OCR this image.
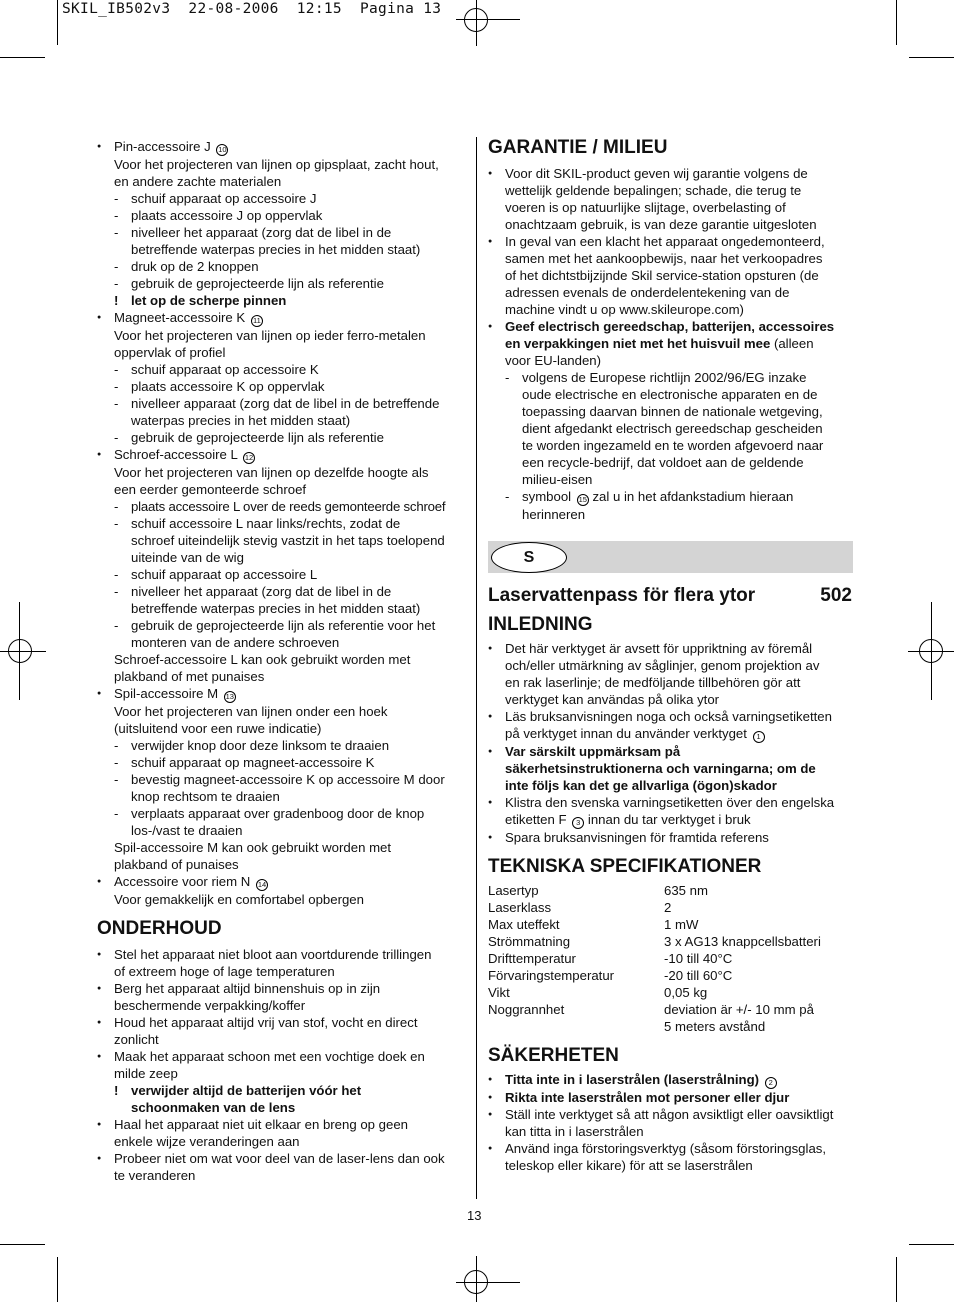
SKIL_IB502v3  22-08-2006  12:15  Pagina 13

● Pin-accessoire J 10

Voor het projecteren van lijnen op gipsplaat, zacht hout,

en andere zachte materialen

- schuif apparaat op accessoire J

- plaats accessoire J op oppervlak

- nivelleer het apparaat (zorg dat de libel in de

betreffende waterpas precies in het midden staat)

- druk op de 2 knoppen

- gebruik de geprojecteerde lijn als referentie

! let op de scherpe pinnen

● Magneet-accessoire K 11

Voor het projecteren van lijnen op ieder ferro-metalen

oppervlak of profiel

- schuif apparaat op accessoire K

- plaats accessoire K op oppervlak

- nivelleer apparaat (zorg dat de libel in de betreffende

waterpas precies in het midden staat)

- gebruik de geprojecteerde lijn als referentie

● Schroef-accessoire L 12

Voor het projecteren van lijnen op dezelfde hoogte als

een eerder gemonteerde schroef

- plaats accessoire L over de reeds gemonteerde schroef

- schuif accessoire L naar links/rechts, zodat de

schroef uiteindelijk stevig vastzit in het taps toelopend

uiteinde van de wig

- schuif apparaat op accessoire L

- nivelleer het apparaat (zorg dat de libel in de

betreffende waterpas precies in het midden staat)

- gebruik de geprojecteerde lijn als referentie voor het

monteren van de andere schroeven

Schroef-accessoire L kan ook gebruikt worden met

plakband of met punaises

● Spil-accessoire M 13

Voor het projecteren van lijnen onder een hoek

(uitsluitend voor een ruwe indicatie)

- verwijder knop door deze linksom te draaien

- schuif apparaat op magneet-accessoire K

- bevestig magneet-accessoire K op accessoire M door

knop rechtsom te draaien

- verplaats apparaat over gradenboog door de knop

los-/vast te draaien

Spil-accessoire M kan ook gebruikt worden met

plakband of punaises

● Accessoire voor riem N 14

Voor gemakkelijk en comfortabel opbergen

ONDERHOUD

● Stel het apparaat niet bloot aan voortdurende trillingen

of extreem hoge of lage temperaturen

● Berg het apparaat altijd binnenshuis op in zijn

beschermende verpakking/koffer

● Houd het apparaat altijd vrij van stof, vocht en direct

zonlicht

● Maak het apparaat schoon met een vochtige doek en

milde zeep

! verwijder altijd de batterijen vóór het

schoonmaken van de lens

● Haal het apparaat niet uit elkaar en breng op geen

enkele wijze veranderingen aan

● Probeer niet om wat voor deel van de laser-lens dan ook

te veranderen

GARANTIE / MILIEU

● Voor dit SKIL-product geven wij garantie volgens de

wettelijk geldende bepalingen; schade, die terug te

voeren is op natuurlijke slijtage, overbelasting of

onachtzaam gebruik, is van deze garantie uitgesloten

● In geval van een klacht het apparaat ongedemonteerd,

samen met het aankoopbewijs, naar het verkoopadres

of het dichtstbijzijnde Skil service-station opsturen (de

adressen evenals de onderdelentekening van de

machine vindt u op www.skileurope.com)

● Geef electrisch gereedschap, batterijen, accessoires

en verpakkingen niet met het huisvuil mee (alleen

voor EU-landen)

- volgens de Europese richtlijn 2002/96/EG inzake

oude electrische en electronische apparaten en de

toepassing daarvan binnen de nationale wetgeving,

dient afgedankt electrisch gereedschap gescheiden

te worden ingezameld en te worden afgevoerd naar

een recycle-bedrijf, dat voldoet aan de geldende

milieu-eisen

- symbool 15 zal u in het afdankstadium hieraan

herinneren

S
Laservattenpass för flera ytor	502

INLEDNING

● Det här verktyget är avsett för uppriktning av föremål

och/eller utmärkning av såglinjer, genom projektion av

en rak laserlinje; de medföljande tillbehören gör att

verktyget kan användas på olika ytor

● Läs bruksanvisningen noga och också varningsetiketten

på verktyget innan du använder verktyget 1

● Var särskilt uppmärksam på

säkerhetsinstruktionerna och varningarna; om de

inte följs kan det ge allvarliga (ögon)skador

● Klistra den svenska varningsetiketten över den engelska

etiketten F 3 innan du tar verktyget i bruk

● Spara bruksanvisningen för framtida referens

TEKNISKA SPECIFIKATIONER

Lasertyp	635 nm
Laserklass	2
Max uteffekt	1 mW
Strömmatning	3 x AG13 knappcellsbatteri
Drifttemperatur	-10 till 40°C
Förvaringstemperatur	-20 till 60°C
Vikt	0,05 kg
Noggrannhet	deviation är +/- 10 mm på
5 meters avstånd

SÄKERHETEN

● Titta inte in i laserstrålen (laserstrålning) 2

● Rikta inte laserstrålen mot personer eller djur

● Ställ inte verktyget så att någon avsiktligt eller oavsiktligt

kan titta in i laserstrålen

● Använd inga förstoringsverktyg (såsom förstoringsglas,

teleskop eller kikare) för att se laserstrålen

13
